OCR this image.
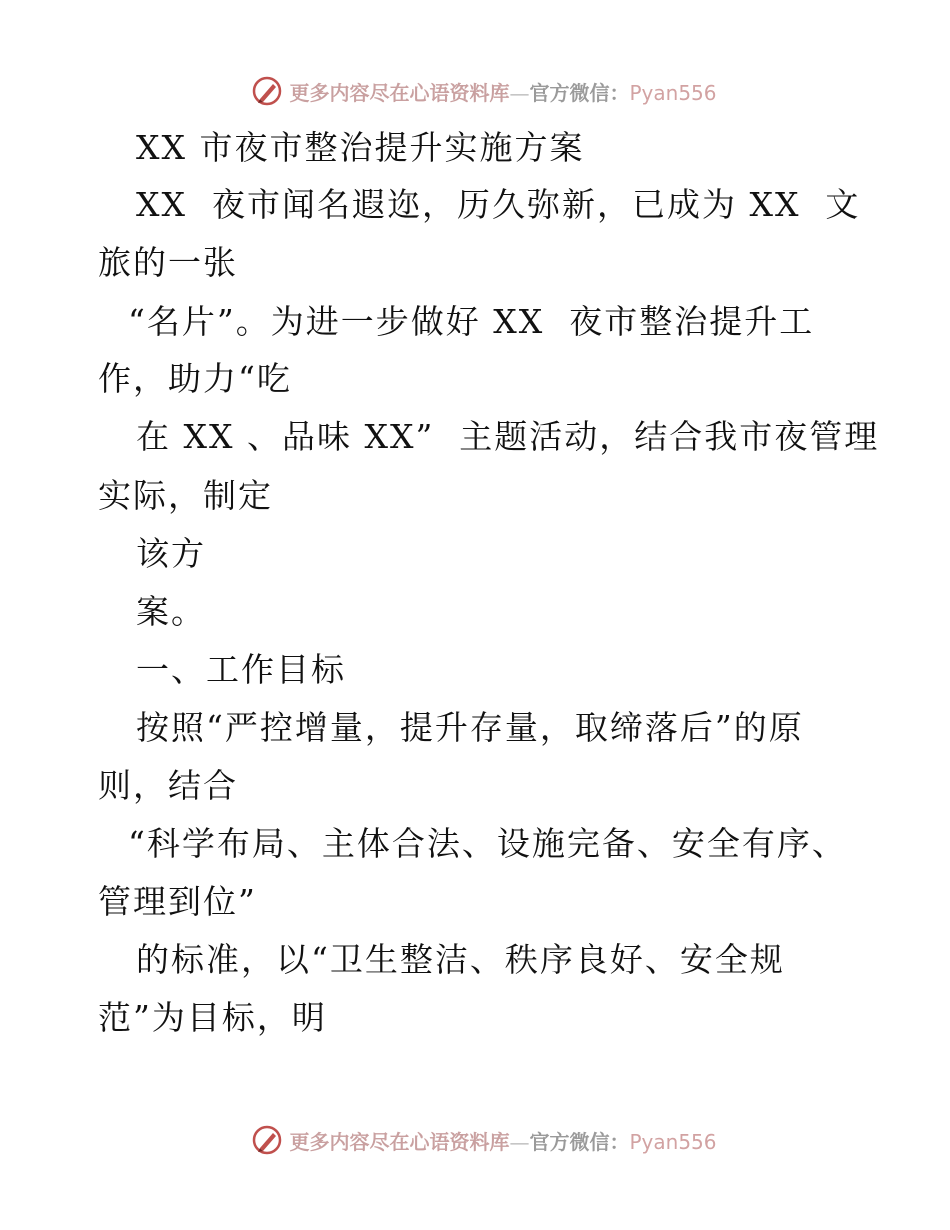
更多内容尽在心语资料库—官方微信：Pyan556
XX 市夜市整治提升实施方案
XX  夜市闻名遐迩，历久弥新，已成为 XX  文
旅的一张
“名片”。为进一步做好 XX  夜市整治提升工
作，助力“吃
在 XX 、品味 XX”  主题活动，结合我市夜管理
实际，制定
该方
案。
一、工作目标
按照“严控增量，提升存量，取缔落后”的原
则，结合
“科学布局、主体合法、设施完备、安全有序、
管理到位”
的标准，以“卫生整洁、秩序良好、安全规
范”为目标，明
更多内容尽在心语资料库—官方微信：Pyan556
